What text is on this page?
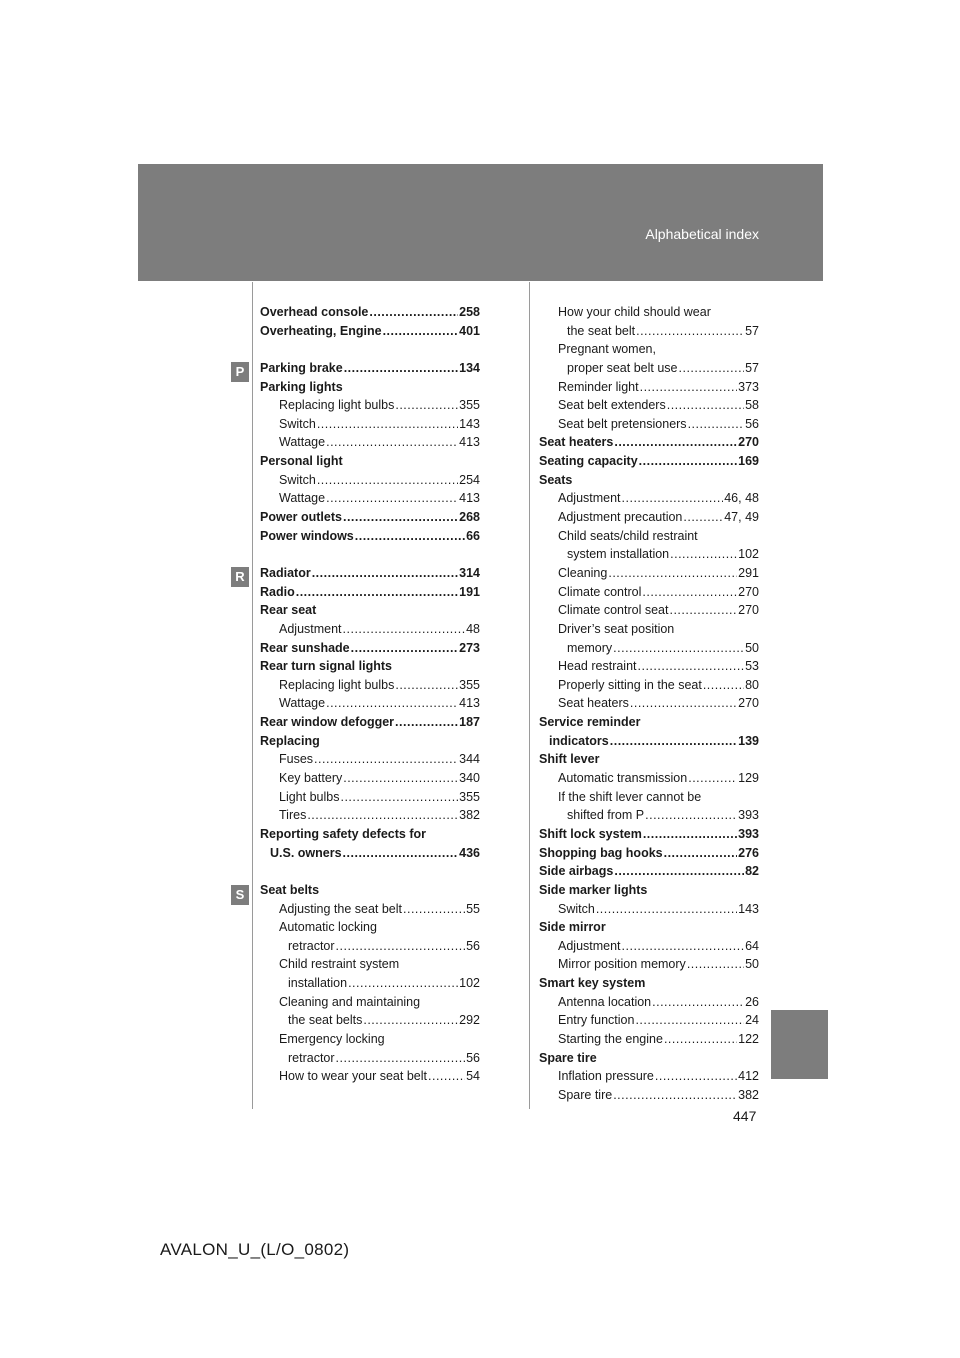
Alphabetical index
P
R
S
Overhead console .....	258
Overheating, Engine .....	401
Parking brake .....	134
Parking lights
Replacing light bulbs .....	355
Switch .....	143
Wattage .....	413
Personal light
Switch .....	254
Wattage .....	413
Power outlets .....	268
Power windows .....	66
Radiator .....	314
Radio .....	191
Rear seat
Adjustment .....	48
Rear sunshade .....	273
Rear turn signal lights
Replacing light bulbs .....	355
Wattage .....	413
Rear window defogger .....	187
Replacing
Fuses .....	344
Key battery .....	340
Light bulbs .....	355
Tires .....	382
Reporting safety defects for
U.S. owners .....	436
Seat belts
Adjusting the seat belt .....	55
Automatic locking
retractor .....	56
Child restraint system
installation .....	102
Cleaning and maintaining
the seat belts .....	292
Emergency locking
retractor .....	56
How to wear your seat belt .....	54
How your child should wear
the seat belt .....	57
Pregnant women,
proper seat belt use .....	57
Reminder light .....	373
Seat belt extenders .....	58
Seat belt pretensioners .....	56
Seat heaters .....	270
Seating capacity .....	169
Seats
Adjustment .....	46, 48
Adjustment precaution .....	47, 49
Child seats/child restraint
system installation .....	102
Cleaning .....	291
Climate control .....	270
Climate control seat .....	270
Driver’s seat position
memory .....	50
Head restraint .....	53
Properly sitting in the seat .....	80
Seat heaters .....	270
Service reminder
indicators .....	139
Shift lever
Automatic transmission .....	129
If the shift lever cannot be
shifted from P .....	393
Shift lock system .....	393
Shopping bag hooks .....	276
Side airbags .....	82
Side marker lights
Switch .....	143
Side mirror
Adjustment .....	64
Mirror position memory .....	50
Smart key system
Antenna location .....	26
Entry function .....	24
Starting the engine .....	122
Spare tire
Inflation pressure .....	412
Spare tire .....	382
447
AVALON_U_(L/O_0802)
